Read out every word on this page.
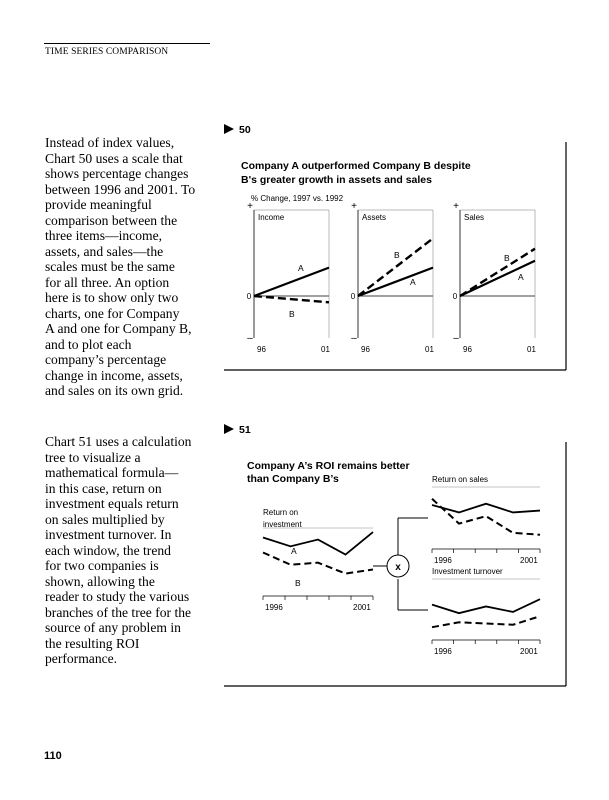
TIME SERIES COMPARISON
Instead of index values,
Chart 50 uses a scale that
shows percentage changes
between 1996 and 2001. To
provide meaningful
comparison between the
three items—income,
assets, and sales—the
scales must be the same
for all three. An option
here is to show only two
charts, one for Company
A and one for Company B,
and to plot each
company’s percentage
change in income, assets,
and sales on its own grid.
Chart 51 uses a calculation
tree to visualize a
mathematical formula—
in this case, return on
investment equals return
on sales multiplied by
investment turnover. In
each window, the trend
for two companies is
shown, allowing the
reader to study the various
branches of the tree for the
source of any problem in
the resulting ROI
performance.
50
51
Company A outperformed Company B despite
B's greater growth in assets and sales
% Change, 1997 vs. 1992
+
–
0
Income
96	01
A
B
+
–
0
Assets
96	01
A
B
+
–
0
Sales
96	01
A
B
Company A’s ROI remains better
than Company B’s
x
Return on
investment
1996	2001
A
B
Return on sales
1996	2001
Investment turnover
1996	2001
110
